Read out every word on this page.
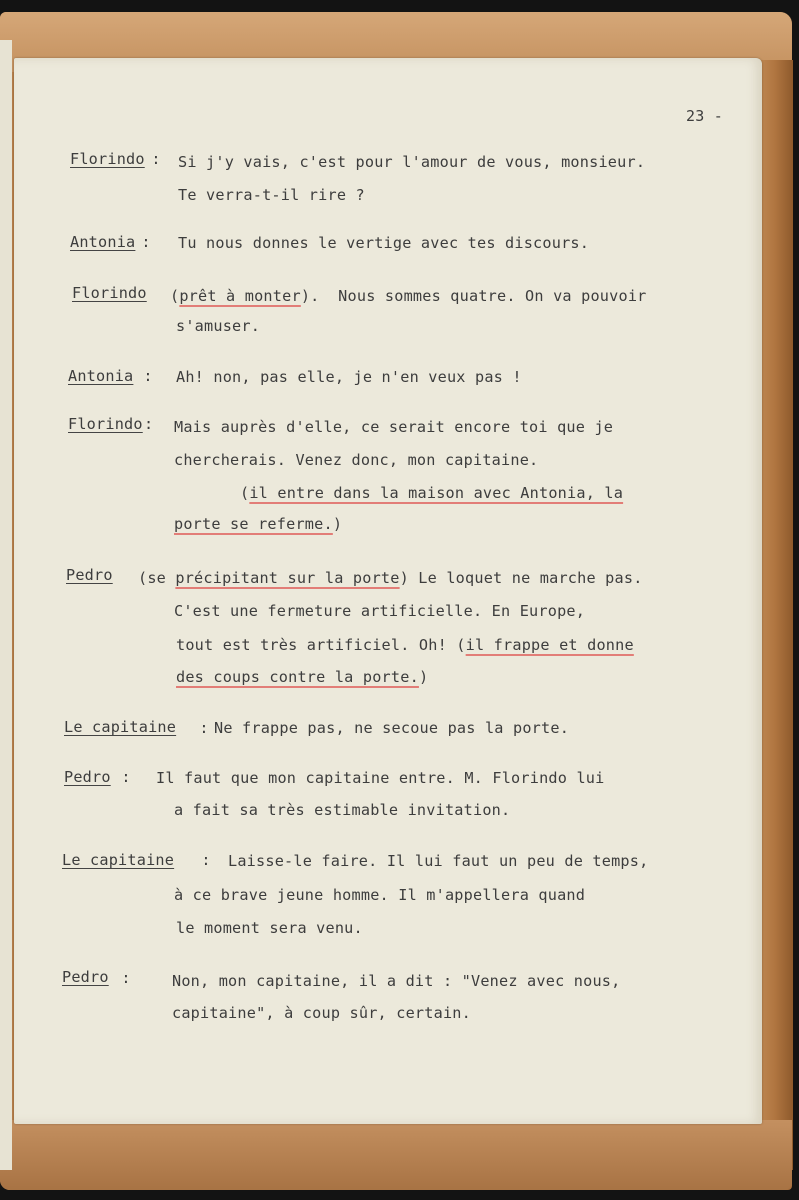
23 -
Florindo
: Si j'y vais, c'est pour l'amour de vous, monsieur.
Te verra-t-il rire ?
Antonia
: Tu nous donnes le vertige avec tes discours.
Florindo (prêt à monter).  Nous sommes quatre. On va pouvoir
s'amuser.
Antonia : Ah! non, pas elle, je n'en veux pas !
Florindo : Mais auprès d'elle, ce serait encore toi que je
chercherais. Venez donc, mon capitaine.
(il entre dans la maison avec Antonia, la
porte se referme.)
Pedro (se précipitant sur la porte) Le loquet ne marche pas.
C'est une fermeture artificielle. En Europe,
tout est très artificiel. Oh! (il frappe et donne
des coups contre la porte.)
Le capitaine : Ne frappe pas, ne secoue pas la porte.
Pedro : Il faut que mon capitaine entre. M. Florindo lui
a fait sa très estimable invitation.
Le capitaine : Laisse-le faire. Il lui faut un peu de temps,
à ce brave jeune homme. Il m'appellera quand
le moment sera venu.
Pedro :	Non, mon capitaine, il a dit : "Venez avec nous,
capitaine", à coup sûr, certain.
